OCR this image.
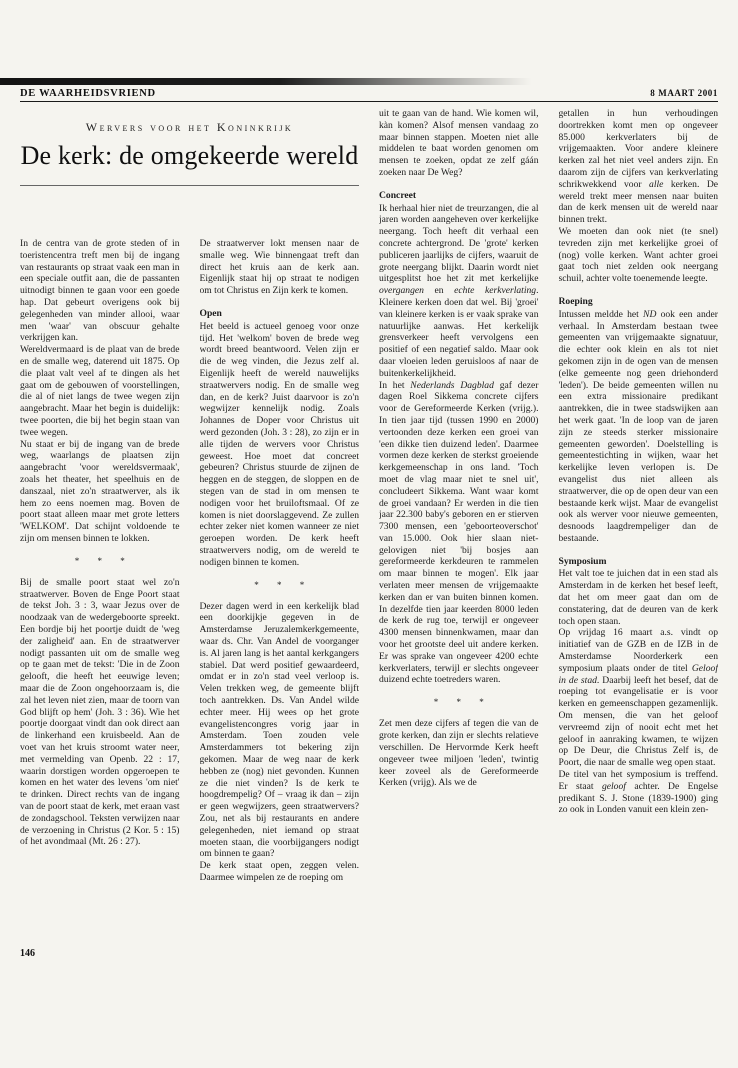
DE WAARHEIDSVRIEND	8 MAART 2001
Wervers voor het Koninkrijk
De kerk: de omgekeerde wereld

In de centra van de grote steden of in toeristencentra treft men bij de ingang van restaurants op straat vaak een man in een speciale outfit aan, die de passanten uitnodigt binnen te gaan voor een goede hap. Dat gebeurt overigens ook bij gelegenheden van minder allooi, waar men 'waar' van obscuur gehalte verkrijgen kan.

Wereldvermaard is de plaat van de brede en de smalle weg, daterend uit 1875. Op die plaat valt veel af te dingen als het gaat om de gebouwen of voorstellingen, die al of niet langs de twee wegen zijn aangebracht. Maar het begin is duidelijk: twee poorten, die bij het begin staan van twee wegen.

Nu staat er bij de ingang van de brede weg, waarlangs de plaatsen zijn aangebracht 'voor wereldsvermaak', zoals het theater, het speelhuis en de danszaal, niet zo'n straatwerver, als ik hem zo eens noemen mag. Boven de poort staat alleen maar met grote letters 'WELKOM'. Dat schijnt voldoende te zijn om mensen binnen te lokken.

* * *

Bij de smalle poort staat wel zo'n straatwerver. Boven de Enge Poort staat de tekst Joh. 3 : 3, waar Jezus over de noodzaak van de wedergeboorte spreekt. Een bordje bij het poortje duidt de 'weg der zaligheid' aan. En de straatwerver nodigt passanten uit om de smalle weg op te gaan met de tekst: 'Die in de Zoon gelooft, die heeft het eeuwige leven; maar die de Zoon ongehoorzaam is, die zal het leven niet zien, maar de toorn van God blijft op hem' (Joh. 3 : 36). Wie het poortje doorgaat vindt dan ook direct aan de linkerhand een kruisbeeld. Aan de voet van het kruis stroomt water neer, met vermelding van Openb. 22 : 17, waarin dorstigen worden opgeroepen te komen en het water des levens 'om niet' te drinken. Direct rechts van de ingang van de poort staat de kerk, met eraan vast de zondagschool. Teksten verwijzen naar de verzoening in Christus (2 Kor. 5 : 15) of het avondmaal (Mt. 26 : 27).

De straatwerver lokt mensen naar de smalle weg. Wie binnengaat treft dan direct het kruis aan de kerk aan. Eigenlijk staat hij op straat te nodigen om tot Christus en Zijn kerk te komen.

Open

Het beeld is actueel genoeg voor onze tijd. Het 'welkom' boven de brede weg wordt breed beantwoord. Velen zijn er die de weg vinden, die Jezus zelf al. Eigenlijk heeft de wereld nauwelijks straatwervers nodig. En de smalle weg dan, en de kerk? Juist daarvoor is zo'n wegwijzer kennelijk nodig. Zoals Johannes de Doper voor Christus uit werd gezonden (Joh. 3 : 28), zo zijn er in alle tijden de wervers voor Christus geweest. Hoe moet dat concreet gebeuren? Christus stuurde de zijnen de heggen en de steggen, de sloppen en de stegen van de stad in om mensen te nodigen voor het bruiloftsmaal. Of ze komen is niet doorslaggevend. Ze zullen echter zeker niet komen wanneer ze niet geroepen worden. De kerk heeft straatwervers nodig, om de wereld te nodigen binnen te komen.

* * *

Dezer dagen werd in een kerkelijk blad een doorkijkje gegeven in de Amsterdamse Jeruzalemkerkgemeente, waar ds. Chr. Van Andel de voorganger is. Al jaren lang is het aantal kerkgangers stabiel. Dat werd positief gewaardeerd, omdat er in zo'n stad veel verloop is. Velen trekken weg, de gemeente blijft toch aantrekken. Ds. Van Andel wilde echter meer. Hij wees op het grote evangelistencongres vorig jaar in Amsterdam. Toen zouden vele Amsterdammers tot bekering zijn gekomen. Maar de weg naar de kerk hebben ze (nog) niet gevonden. Kunnen ze die niet vinden? Is de kerk te hoogdrempelig? Of – vraag ik dan – zijn er geen wegwijzers, geen straatwervers? Zou, net als bij restaurants en andere gelegenheden, niet iemand op straat moeten staan, die voorbijgangers nodigt om binnen te gaan?

De kerk staat open, zeggen velen. Daarmee wimpelen ze de roeping om

uit te gaan van de hand. Wie komen wil, kàn komen? Alsof mensen vandaag zo maar binnen stappen. Moeten niet alle middelen te baat worden genomen om mensen te zoeken, opdat ze zelf gáán zoeken naar De Weg?

Concreet

Ik herhaal hier niet de treurzangen, die al jaren worden aangeheven over kerkelijke neergang. Toch heeft dit verhaal een concrete achtergrond. De 'grote' kerken publiceren jaarlijks de cijfers, waaruit de grote neergang blijkt. Daarin wordt niet uitgesplitst hoe het zit met kerkelijke overgangen en echte kerkverlating. Kleinere kerken doen dat wel. Bij 'groei' van kleinere kerken is er vaak sprake van natuurlijke aanwas. Het kerkelijk grensverkeer heeft vervolgens een positief of een negatief saldo. Maar ook daar vloeien leden geruisloos af naar de buitenkerkelijkheid.

In het Nederlands Dagblad gaf dezer dagen Roel Sikkema concrete cijfers voor de Gereformeerde Kerken (vrijg.). In tien jaar tijd (tussen 1990 en 2000) vertoonden deze kerken een groei van 'een dikke tien duizend leden'. Daarmee vormen deze kerken de sterkst groeiende kerkgemeenschap in ons land. 'Toch moet de vlag maar niet te snel uit', concludeert Sikkema. Want waar komt de groei vandaan? Er werden in die tien jaar 22.300 baby's geboren en er stierven 7300 mensen, een 'geboorteoverschot' van 15.000. Ook hier slaan niet-gelovigen niet 'bij bosjes aan gereformeerde kerkdeuren te rammelen om maar binnen te mogen'. Elk jaar verlaten meer mensen de vrijgemaakte kerken dan er van buiten binnen komen. In dezelfde tien jaar keerden 8000 leden de kerk de rug toe, terwijl er ongeveer 4300 mensen binnenkwamen, maar dan voor het grootste deel uit andere kerken. Er was sprake van ongeveer 4200 echte kerkverlaters, terwijl er slechts ongeveer duizend echte toetreders waren.

* * *

Zet men deze cijfers af tegen die van de grote kerken, dan zijn er slechts relatieve verschillen. De Hervormde Kerk heeft ongeveer twee miljoen 'leden', twintig keer zoveel als de Gereformeerde Kerken (vrijg). Als we de

getallen in hun verhoudingen doortrekken komt men op ongeveer 85.000 kerkverlaters bij de vrijgemaakten. Voor andere kleinere kerken zal het niet veel anders zijn. En daarom zijn de cijfers van kerkverlating schrikwekkend voor alle kerken. De wereld trekt meer mensen naar buiten dan de kerk mensen uit de wereld naar binnen trekt.

We moeten dan ook niet (te snel) tevreden zijn met kerkelijke groei of (nog) volle kerken. Want achter groei gaat toch niet zelden ook neergang schuil, achter volte toenemende leegte.

Roeping

Intussen meldde het ND ook een ander verhaal. In Amsterdam bestaan twee gemeenten van vrijgemaakte signatuur, die echter ook klein en als tot niet gekomen zijn in de ogen van de mensen (elke gemeente nog geen driehonderd 'leden'). De beide gemeenten willen nu een extra missionaire predikant aantrekken, die in twee stadswijken aan het werk gaat. 'In de loop van de jaren zijn ze steeds sterker missionaire gemeenten geworden'. Doelstelling is gemeentestichting in wijken, waar het kerkelijke leven verlopen is. De evangelist dus niet alleen als straatwerver, die op de open deur van een bestaande kerk wijst. Maar de evangelist ook als werver voor nieuwe gemeenten, desnoods laagdrempeliger dan de bestaande.

Symposium

Het valt toe te juichen dat in een stad als Amsterdam in de kerken het besef leeft, dat het om meer gaat dan om de constatering, dat de deuren van de kerk toch open staan.

Op vrijdag 16 maart a.s. vindt op initiatief van de GZB en de IZB in de Amsterdamse Noorderkerk een symposium plaats onder de titel Geloof in de stad. Daarbij leeft het besef, dat de roeping tot evangelisatie er is voor kerken en gemeenschappen gezamenlijk. Om mensen, die van het geloof vervreemd zijn of nooit echt met het geloof in aanraking kwamen, te wijzen op De Deur, die Christus Zelf is, de Poort, die naar de smalle weg open staat.

De titel van het symposium is treffend. Er staat geloof achter. De Engelse predikant S. J. Stone (1839-1900) ging zo ook in Londen vanuit een klein zen-

146
